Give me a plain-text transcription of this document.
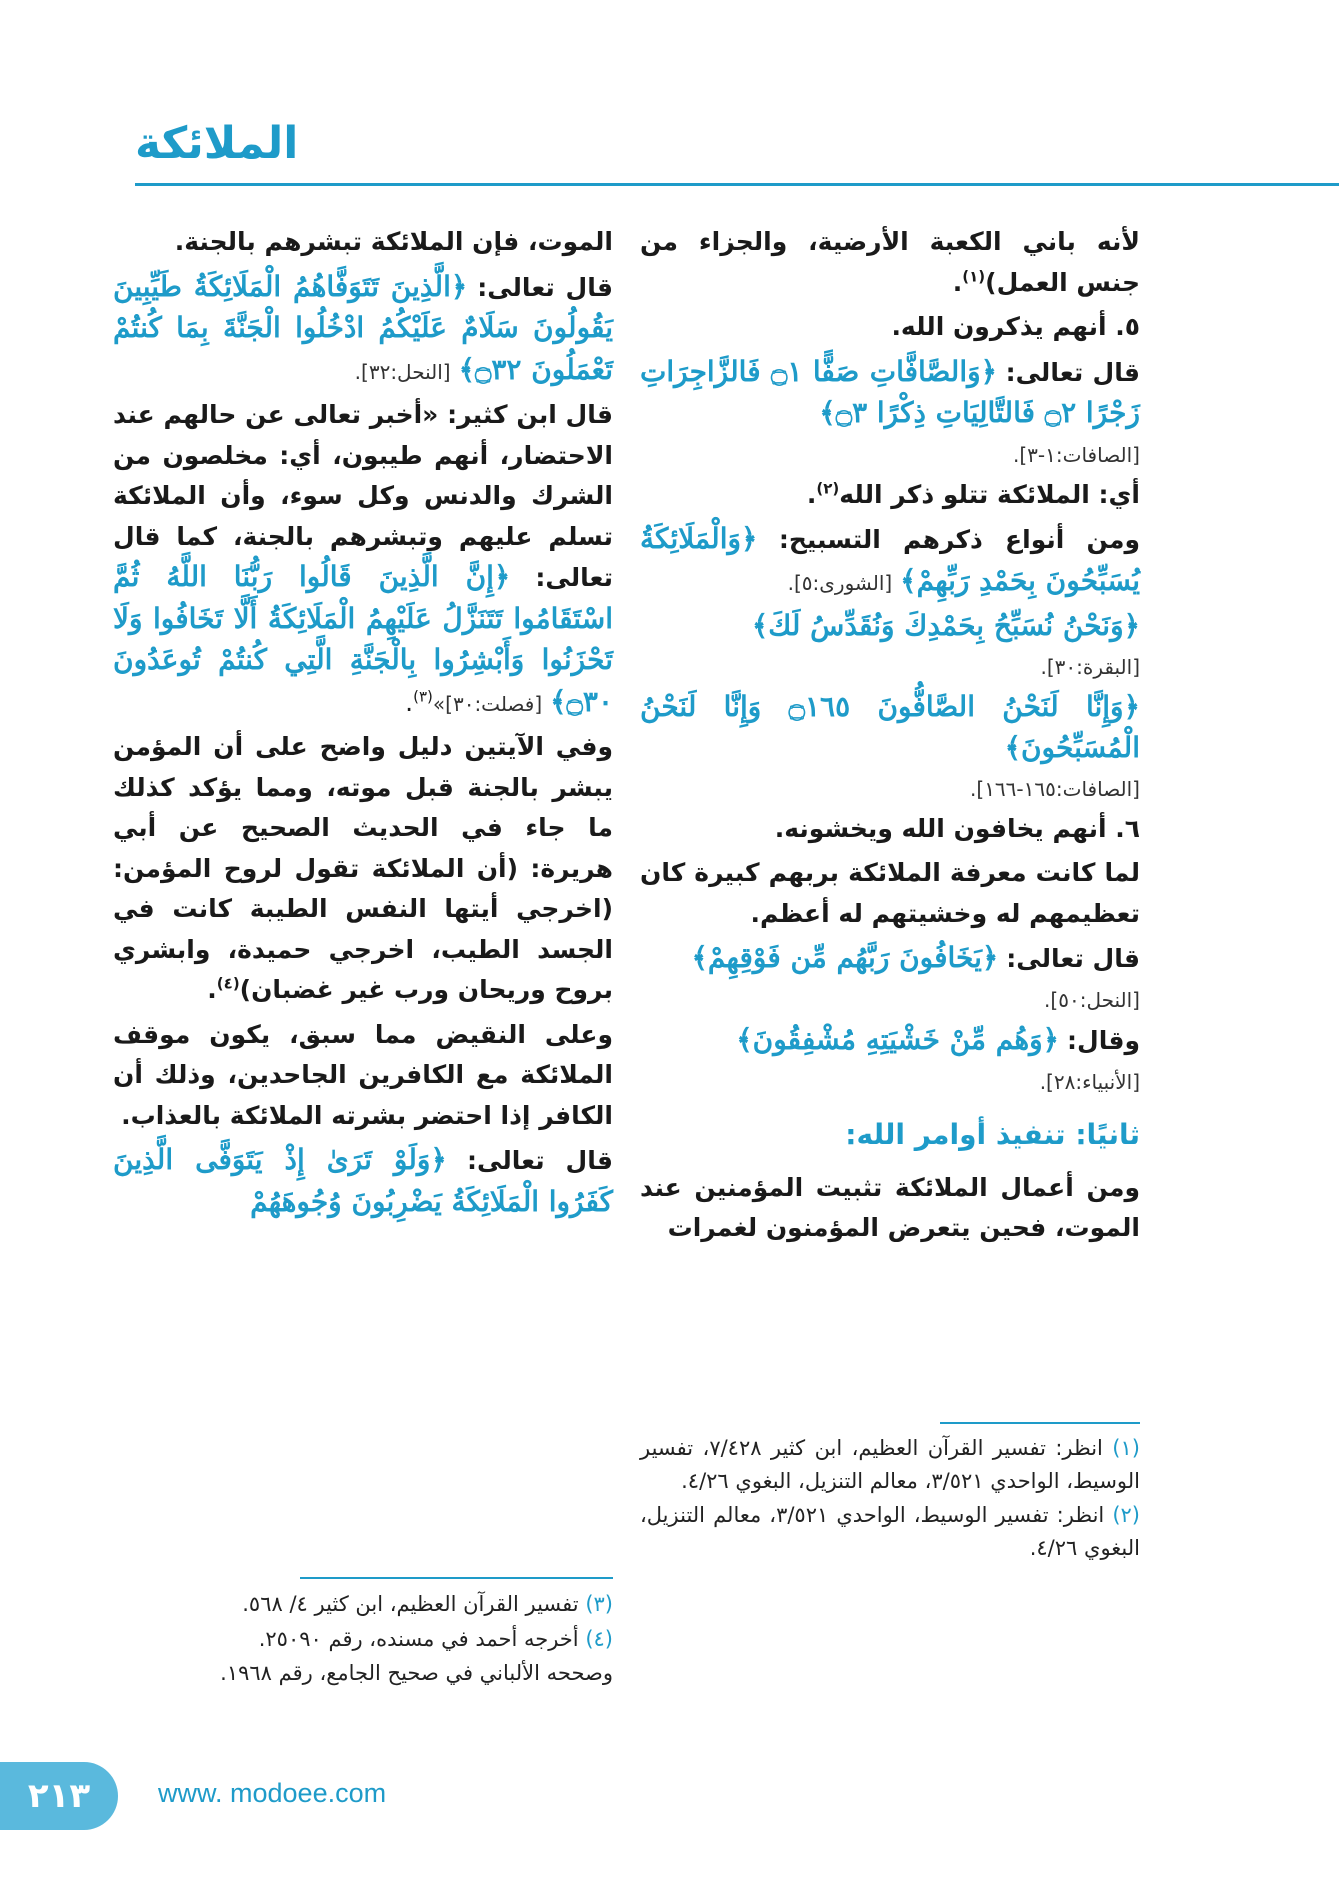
الملائكة

لأنه باني الكعبة الأرضية، والجزاء من جنس العمل)$^{(١)}$.

٥. أنهم يذكرون الله.

قال تعالى: ﴿وَالصَّافَّاتِ صَفًّا ۝١ فَالزَّاجِرَاتِ زَجْرًا ۝٢ فَالتَّالِيَاتِ ذِكْرًا ۝٣﴾

[الصافات:١-٣].

أي: الملائكة تتلو ذكر الله$^{(٢)}$.

ومن أنواع ذكرهم التسبيح: ﴿وَالْمَلَائِكَةُ يُسَبِّحُونَ بِحَمْدِ رَبِّهِمْ﴾ [الشورى:٥].

﴿وَنَحْنُ نُسَبِّحُ بِحَمْدِكَ وَنُقَدِّسُ لَكَ﴾

[البقرة:٣٠].

﴿وَإِنَّا لَنَحْنُ الصَّافُّونَ ۝١٦٥ وَإِنَّا لَنَحْنُ الْمُسَبِّحُونَ﴾

[الصافات:١٦٥-١٦٦].

٦. أنهم يخافون الله ويخشونه.

لما كانت معرفة الملائكة بربهم كبيرة كان تعظيمهم له وخشيتهم له أعظم.

قال تعالى: ﴿يَخَافُونَ رَبَّهُم مِّن فَوْقِهِمْ﴾

[النحل:٥٠].

وقال: ﴿وَهُم مِّنْ خَشْيَتِهِ مُشْفِقُونَ﴾

[الأنبياء:٢٨].

ثانيًا: تنفيذ أوامر الله:

ومن أعمال الملائكة تثبيت المؤمنين عند الموت، فحين يتعرض المؤمنون لغمرات

الموت، فإن الملائكة تبشرهم بالجنة.

قال تعالى: ﴿الَّذِينَ تَتَوَفَّاهُمُ الْمَلَائِكَةُ طَيِّبِينَ يَقُولُونَ سَلَامٌ عَلَيْكُمُ ادْخُلُوا الْجَنَّةَ بِمَا كُنتُمْ تَعْمَلُونَ ۝٣٢﴾ [النحل:٣٢].

قال ابن كثير: «أخبر تعالى عن حالهم عند الاحتضار، أنهم طيبون، أي: مخلصون من الشرك والدنس وكل سوء، وأن الملائكة تسلم عليهم وتبشرهم بالجنة، كما قال تعالى: ﴿إِنَّ الَّذِينَ قَالُوا رَبُّنَا اللَّهُ ثُمَّ اسْتَقَامُوا تَتَنَزَّلُ عَلَيْهِمُ الْمَلَائِكَةُ أَلَّا تَخَافُوا وَلَا تَحْزَنُوا وَأَبْشِرُوا بِالْجَنَّةِ الَّتِي كُنتُمْ تُوعَدُونَ ۝٣٠﴾ [فصلت:٣٠]»$^{(٣)}$.

وفي الآيتين دليل واضح على أن المؤمن يبشر بالجنة قبل موته، ومما يؤكد كذلك ما جاء في الحديث الصحيح عن أبي هريرة: (أن الملائكة تقول لروح المؤمن:(اخرجي أيتها النفس الطيبة كانت في الجسد الطيب، اخرجي حميدة، وابشري بروح وريحان ورب غير غضبان)$^{(٤)}$.

وعلى النقيض مما سبق، يكون موقف الملائكة مع الكافرين الجاحدين، وذلك أن الكافر إذا احتضر بشرته الملائكة بالعذاب.

قال تعالى: ﴿وَلَوْ تَرَىٰ إِذْ يَتَوَفَّى الَّذِينَ كَفَرُوا الْمَلَائِكَةُ يَضْرِبُونَ وُجُوهَهُمْ

(١) انظر: تفسير القرآن العظيم، ابن كثير ٧/٤٢٨، تفسير الوسيط، الواحدي ٣/٥٢١، معالم التنزيل، البغوي ٤/٢٦.

(٢) انظر: تفسير الوسيط، الواحدي ٣/٥٢١، معالم التنزيل، البغوي ٤/٢٦.

(٣) تفسير القرآن العظيم، ابن كثير ٤/ ٥٦٨.

(٤) أخرجه أحمد في مسنده، رقم ٢٥٠٩٠.

وصححه الألباني في صحيح الجامع، رقم ١٩٦٨.

٢١٣	www. modoee.com
